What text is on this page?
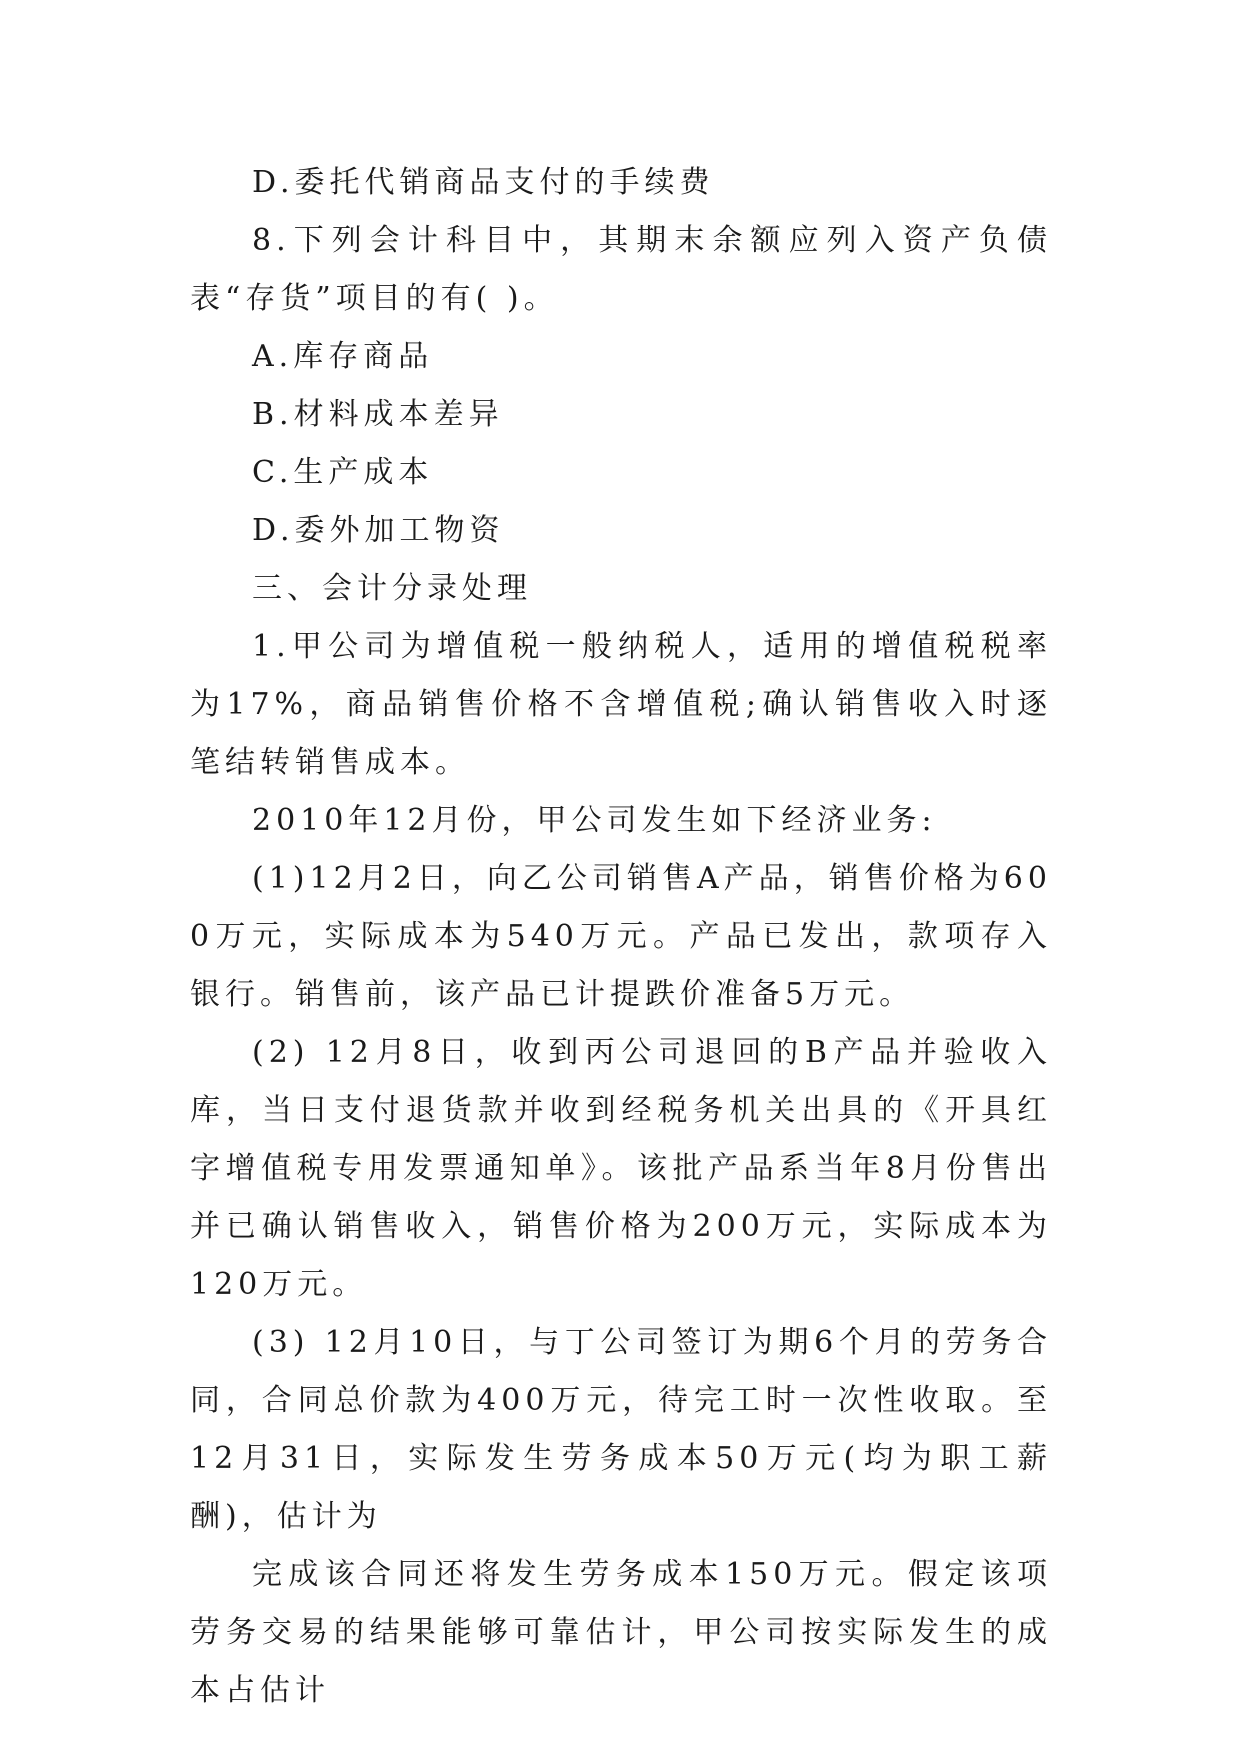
D.委托代销商品支付的手续费

8.下列会计科目中，其期末余额应列入资产负债表“存货”项目的有( )。

A.库存商品

B.材料成本差异

C.生产成本

D.委外加工物资

三、会计分录处理

1.甲公司为增值税一般纳税人，适用的增值税税率为17%，商品销售价格不含增值税;确认销售收入时逐笔结转销售成本。

2010年12月份，甲公司发生如下经济业务:

(1)12月2日，向乙公司销售A产品，销售价格为600万元，实际成本为540万元。产品已发出，款项存入银行。销售前，该产品已计提跌价准备5万元。

(2) 12月8日，收到丙公司退回的B产品并验收入库，当日支付退货款并收到经税务机关出具的《开具红字增值税专用发票通知单》。该批产品系当年8月份售出并已确认销售收入，销售价格为200万元，实际成本为120万元。

(3) 12月10日，与丁公司签订为期6个月的劳务合同，合同总价款为400万元，待完工时一次性收取。至12月31日，实际发生劳务成本50万元(均为职工薪酬)，估计为

完成该合同还将发生劳务成本150万元。假定该项劳务交易的结果能够可靠估计，甲公司按实际发生的成本占估计
